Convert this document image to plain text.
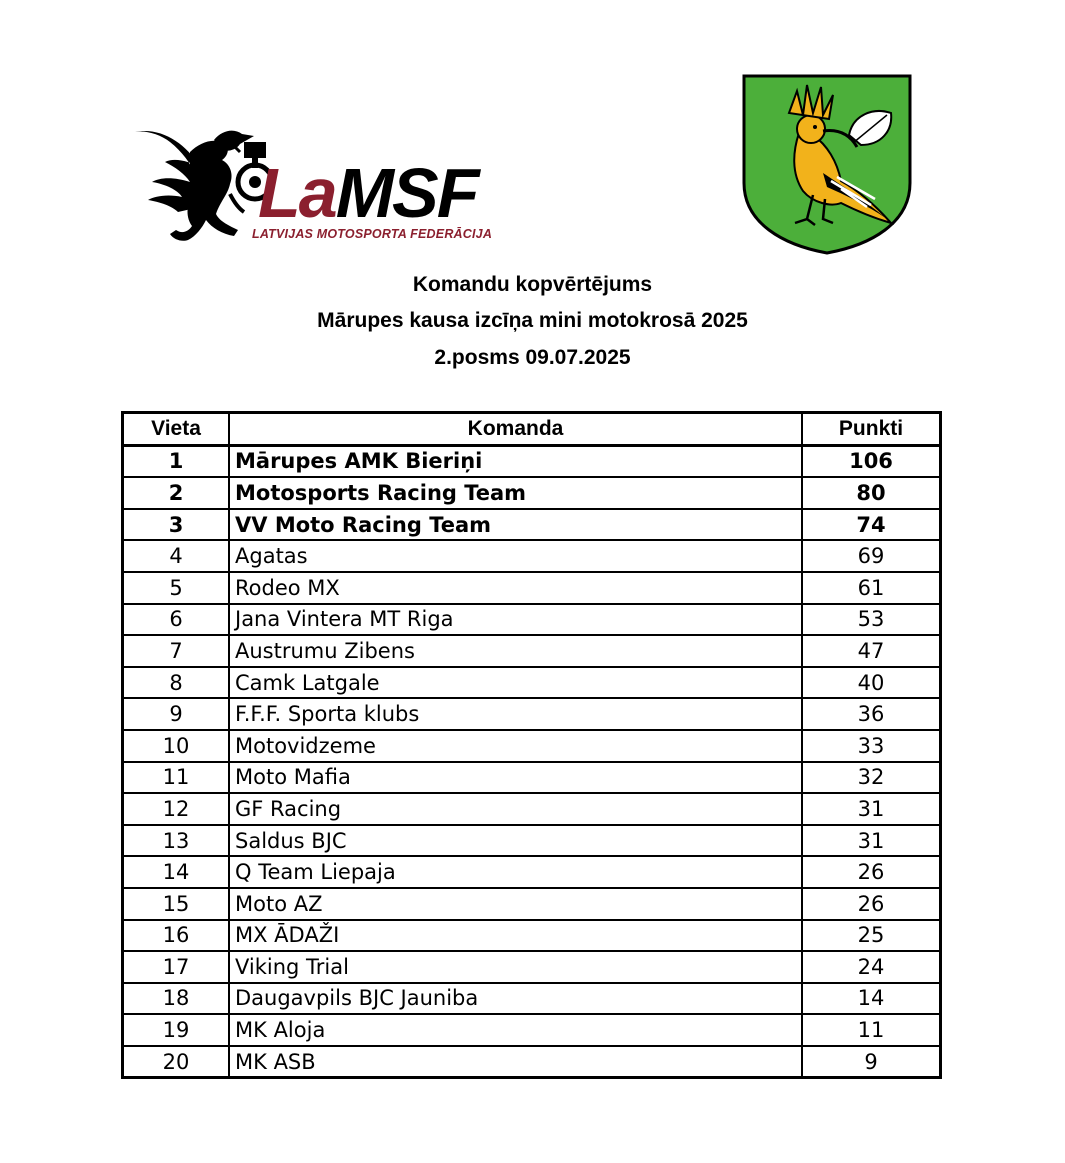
LaMSF
LATVIJAS MOTOSPORTA FEDERĀCIJA
Komandu kopvērtējums
Mārupes kausa izcīņa mini motokrosā 2025
2.posms 09.07.2025
Vieta	Komanda	Punkti
1	Mārupes AMK Bieriņi	106
2	Motosports Racing Team	80
3	VV Moto Racing Team	74
4	Agatas	69
5	Rodeo MX	61
6	Jana Vintera MT Riga	53
7	Austrumu Zibens	47
8	Camk Latgale	40
9	F.F.F. Sporta klubs	36
10	Motovidzeme	33
11	Moto Mafia	32
12	GF Racing	31
13	Saldus BJC	31
14	Q Team Liepaja	26
15	Moto AZ	26
16	MX ĀDAŽI	25
17	Viking Trial	24
18	Daugavpils BJC Jauniba	14
19	MK Aloja	11
20	MK ASB	9
